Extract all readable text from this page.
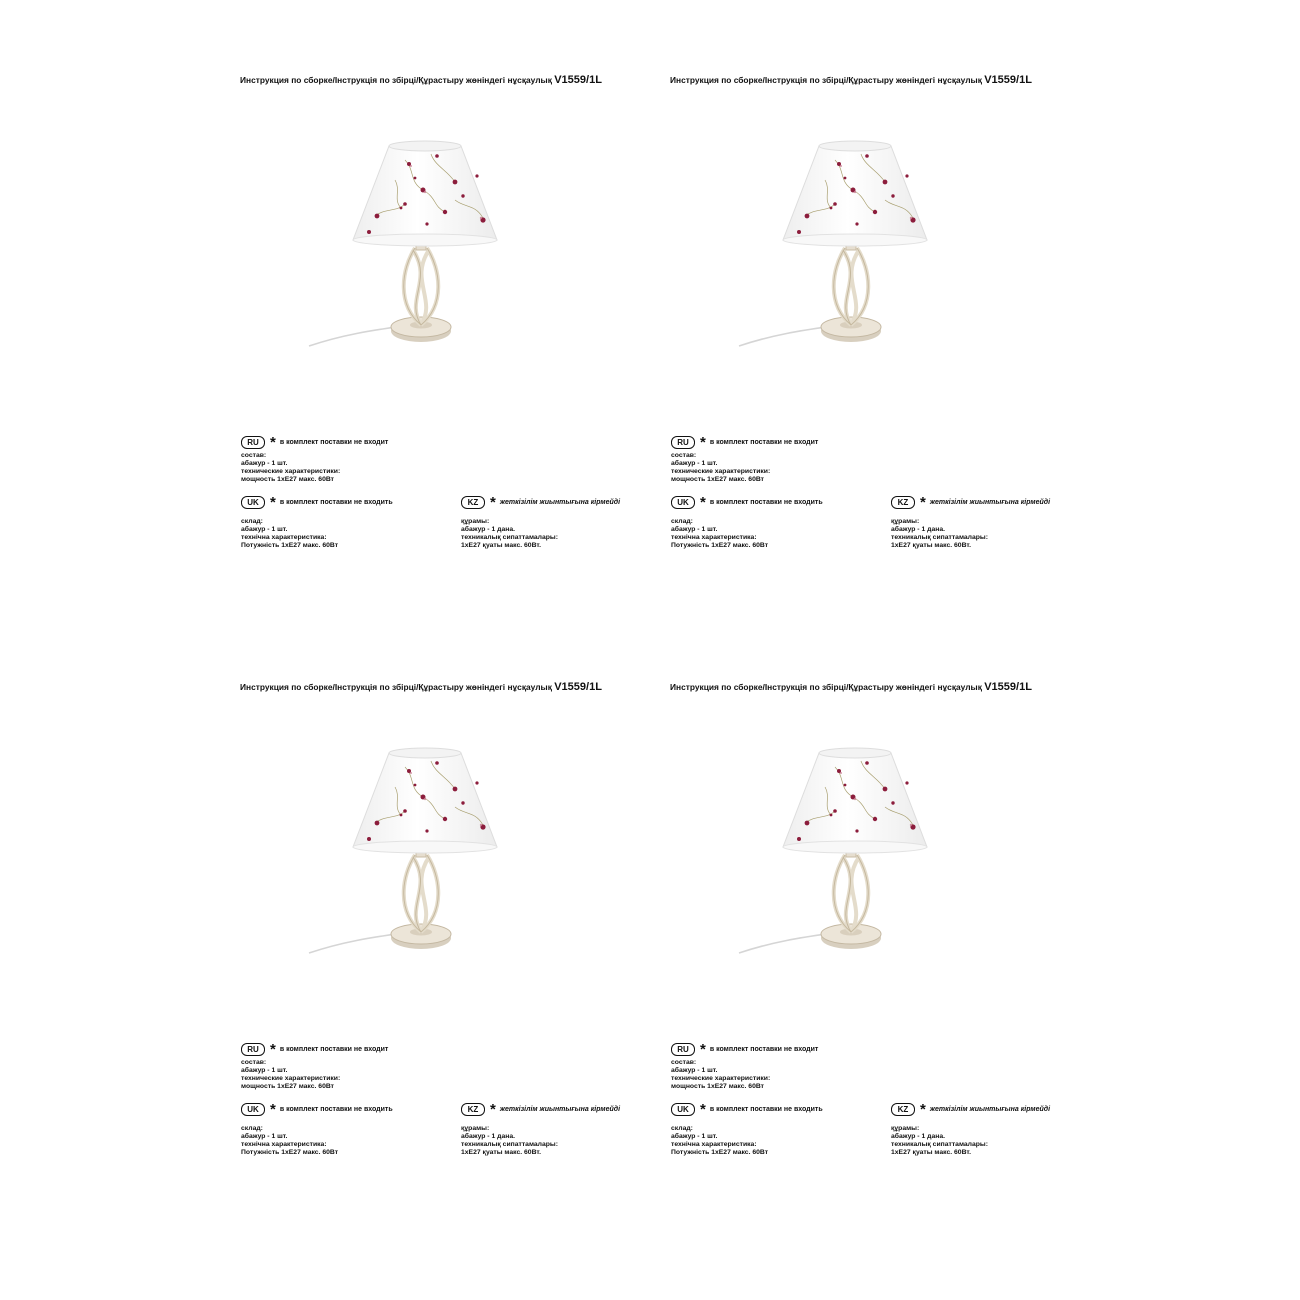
Инструкция по сборке/Інструкція по збірці/Құрастыру жөніндегі нұсқаулық V1559/1L
RU * в комплект поставки не входит
состав:
абажур - 1 шт.
технические характеристики:
мощность 1хЕ27 макс. 60Вт
UK * в комплект поставки не входить	KZ * жеткізілім жиынтығына кірмейді
склад:
абажур - 1 шт.
технічна характеристика:
Потужність 1хЕ27 макс. 60Вт
құрамы:
абажур - 1 дана.
техникалық сипаттамалары:
1хЕ27 қуаты макс. 60Вт.
Инструкция по сборке/Інструкція по збірці/Құрастыру жөніндегі нұсқаулық V1559/1L
RU * в комплект поставки не входит
состав:
абажур - 1 шт.
технические характеристики:
мощность 1хЕ27 макс. 60Вт
UK * в комплект поставки не входить	KZ * жеткізілім жиынтығына кірмейді
склад:
абажур - 1 шт.
технічна характеристика:
Потужність 1хЕ27 макс. 60Вт
құрамы:
абажур - 1 дана.
техникалық сипаттамалары:
1хЕ27 қуаты макс. 60Вт.
Инструкция по сборке/Інструкція по збірці/Құрастыру жөніндегі нұсқаулық V1559/1L
RU * в комплект поставки не входит
состав:
абажур - 1 шт.
технические характеристики:
мощность 1хЕ27 макс. 60Вт
UK * в комплект поставки не входить	KZ * жеткізілім жиынтығына кірмейді
склад:
абажур - 1 шт.
технічна характеристика:
Потужність 1хЕ27 макс. 60Вт
құрамы:
абажур - 1 дана.
техникалық сипаттамалары:
1хЕ27 қуаты макс. 60Вт.
Инструкция по сборке/Інструкція по збірці/Құрастыру жөніндегі нұсқаулық V1559/1L
RU * в комплект поставки не входит
состав:
абажур - 1 шт.
технические характеристики:
мощность 1хЕ27 макс. 60Вт
UK * в комплект поставки не входить	KZ * жеткізілім жиынтығына кірмейді
склад:
абажур - 1 шт.
технічна характеристика:
Потужність 1хЕ27 макс. 60Вт
құрамы:
абажур - 1 дана.
техникалық сипаттамалары:
1хЕ27 қуаты макс. 60Вт.
